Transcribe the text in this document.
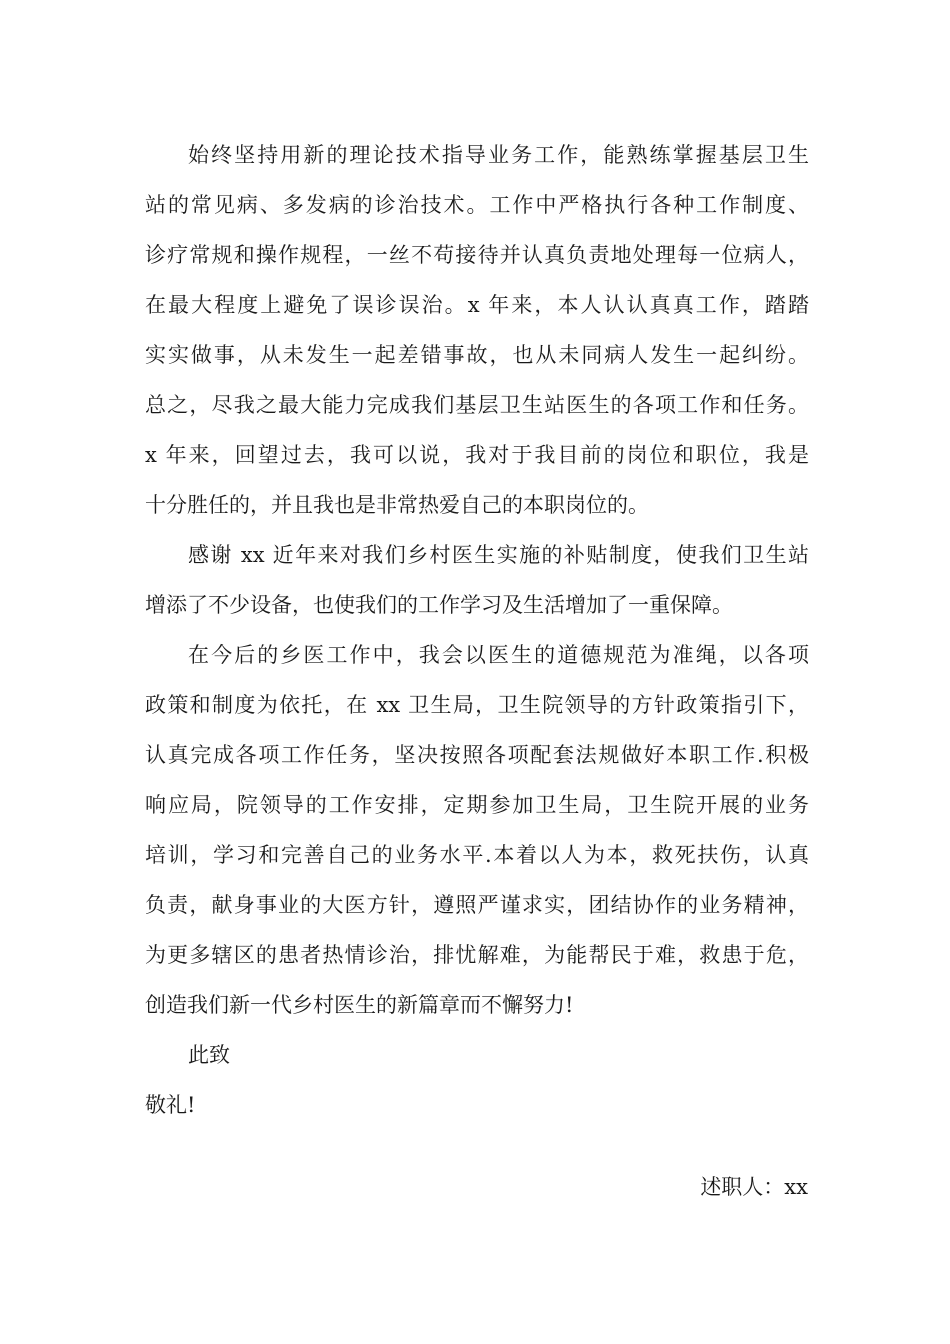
始终坚持用新的理论技术指导业务工作，能熟练掌握基层卫生
站的常见病、多发病的诊治技术。工作中严格执行各种工作制度、
诊疗常规和操作规程，一丝不苟接待并认真负责地处理每一位病人，
在最大程度上避免了误诊误治。x 年来，本人认认真真工作，踏踏
实实做事，从未发生一起差错事故，也从未同病人发生一起纠纷。
总之，尽我之最大能力完成我们基层卫生站医生的各项工作和任务。
x 年来，回望过去，我可以说，我对于我目前的岗位和职位，我是
十分胜任的，并且我也是非常热爱自己的本职岗位的。
感谢 xx 近年来对我们乡村医生实施的补贴制度，使我们卫生站
增添了不少设备，也使我们的工作学习及生活增加了一重保障。
在今后的乡医工作中，我会以医生的道德规范为准绳，以各项
政策和制度为依托，在 xx 卫生局，卫生院领导的方针政策指引下，
认真完成各项工作任务，坚决按照各项配套法规做好本职工作.积极
响应局，院领导的工作安排，定期参加卫生局，卫生院开展的业务
培训，学习和完善自己的业务水平.本着以人为本，救死扶伤，认真
负责，献身事业的大医方针，遵照严谨求实，团结协作的业务精神，
为更多辖区的患者热情诊治，排忧解难，为能帮民于难，救患于危，
创造我们新一代乡村医生的新篇章而不懈努力!
此致
敬礼!
述职人：xx
